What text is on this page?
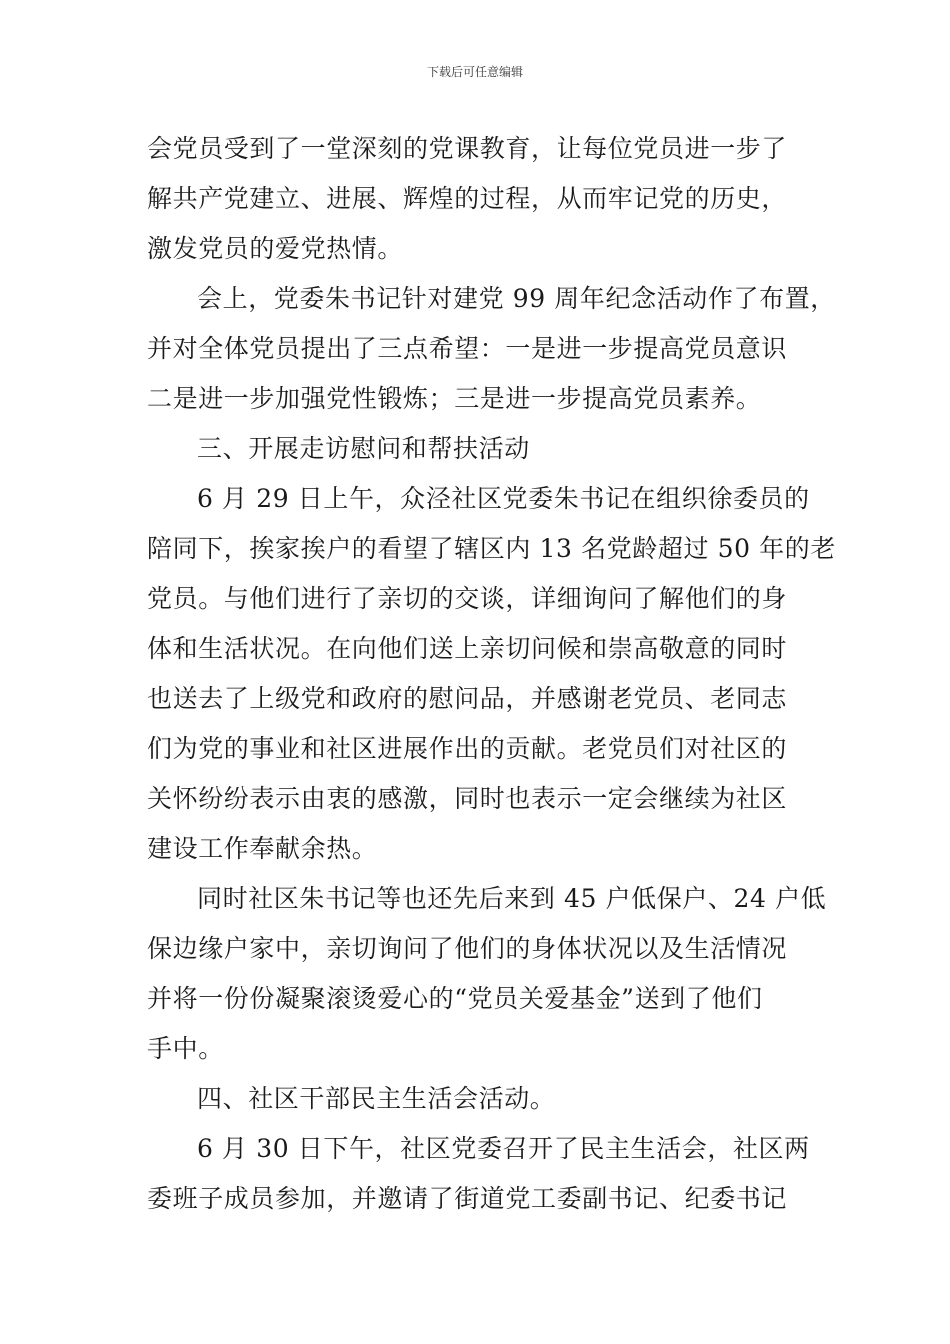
下载后可任意编辑
会党员受到了一堂深刻的党课教育，让每位党员进一步了
解共产党建立、进展、辉煌的过程，从而牢记党的历史，
激发党员的爱党热情。
会上，党委朱书记针对建党 99 周年纪念活动作了布置，
并对全体党员提出了三点希望：一是进一步提高党员意识
二是进一步加强党性锻炼；三是进一步提高党员素养。
三、开展走访慰问和帮扶活动
6 月 29 日上午，众泾社区党委朱书记在组织徐委员的
陪同下，挨家挨户的看望了辖区内 13 名党龄超过 50 年的老
党员。与他们进行了亲切的交谈，详细询问了解他们的身
体和生活状况。在向他们送上亲切问候和崇高敬意的同时
也送去了上级党和政府的慰问品，并感谢老党员、老同志
们为党的事业和社区进展作出的贡献。老党员们对社区的
关怀纷纷表示由衷的感激，同时也表示一定会继续为社区
建设工作奉献余热。
同时社区朱书记等也还先后来到 45 户低保户、24 户低
保边缘户家中，亲切询问了他们的身体状况以及生活情况
并将一份份凝聚滚烫爱心的“党员关爱基金”送到了他们
手中。
四、社区干部民主生活会活动。
6 月 30 日下午，社区党委召开了民主生活会，社区两
委班子成员参加，并邀请了街道党工委副书记、纪委书记
